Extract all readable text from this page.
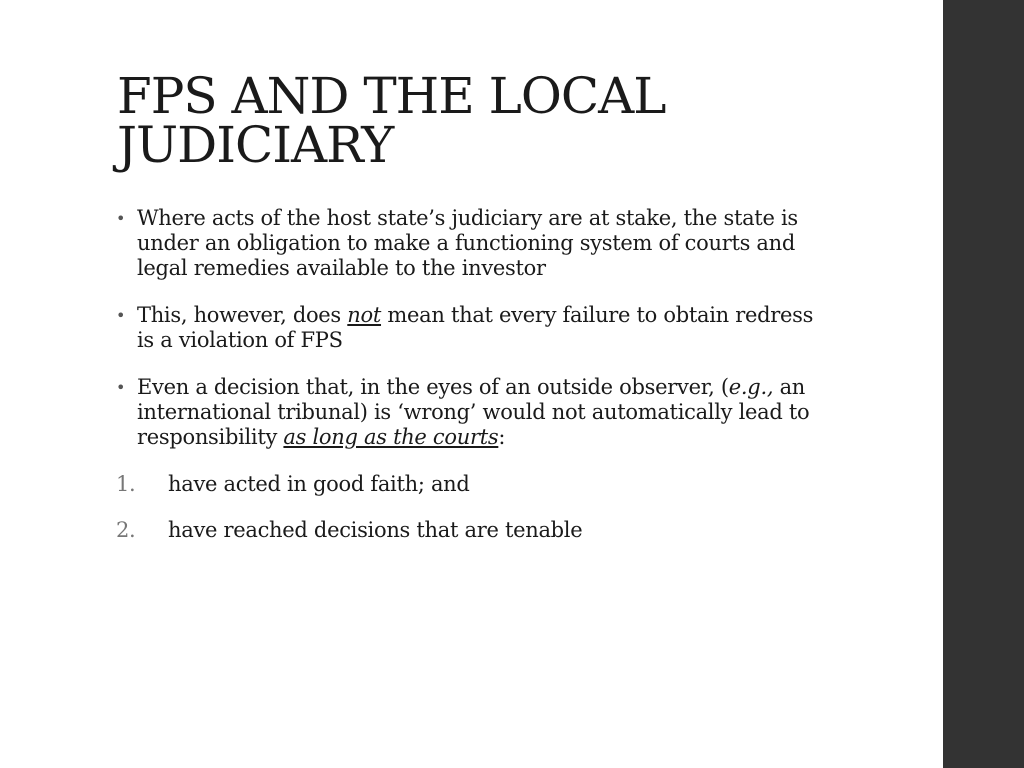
FPS AND THE LOCAL
JUDICIARY
• Where acts of the host state’s judiciary are at stake, the state is under an obligation to make a functioning system of courts and legal remedies available to the investor
• This, however, does not mean that every failure to obtain redress is a violation of FPS
• Even a decision that, in the eyes of an outside observer, (e.g., an international tribunal) is ‘wrong’ would not automatically lead to responsibility as long as the courts:
1. have acted in good faith; and
2. have reached decisions that are tenable
